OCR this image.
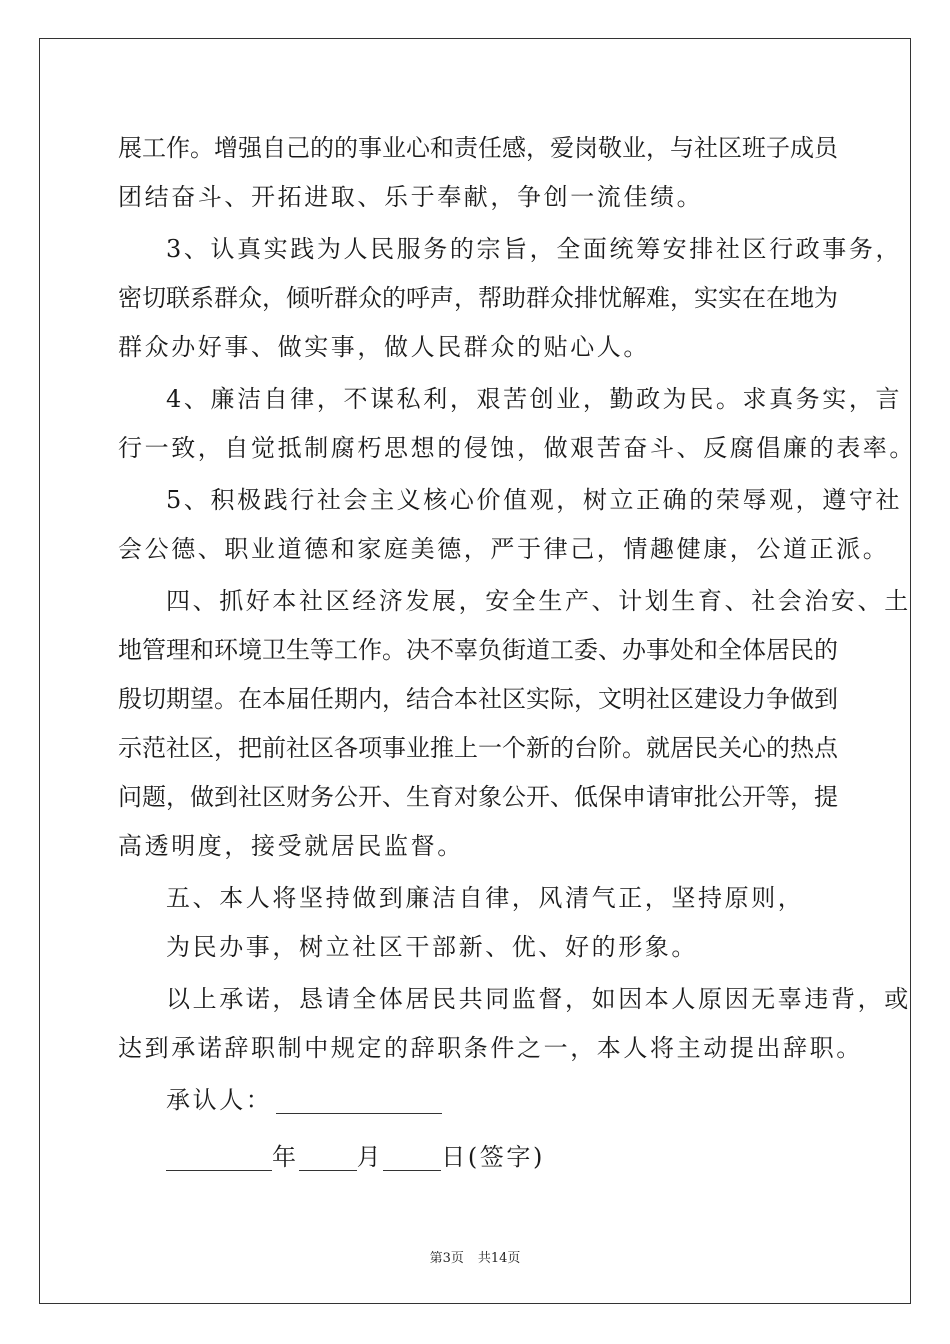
展工作。增强自己的的事业心和责任感，爱岗敬业，与社区班子成员
团结奋斗、开拓进取、乐于奉献，争创一流佳绩。
3、认真实践为人民服务的宗旨，全面统筹安排社区行政事务，
密切联系群众，倾听群众的呼声，帮助群众排忧解难，实实在在地为
群众办好事、做实事，做人民群众的贴心人。
4、廉洁自律，不谋私利，艰苦创业，勤政为民。求真务实，言
行一致，自觉抵制腐朽思想的侵蚀，做艰苦奋斗、反腐倡廉的表率。
5、积极践行社会主义核心价值观，树立正确的荣辱观，遵守社
会公德、职业道德和家庭美德，严于律己，情趣健康，公道正派。
四、抓好本社区经济发展，安全生产、计划生育、社会治安、土
地管理和环境卫生等工作。决不辜负街道工委、办事处和全体居民的
殷切期望。在本届任期内，结合本社区实际，文明社区建设力争做到
示范社区，把前社区各项事业推上一个新的台阶。就居民关心的热点
问题，做到社区财务公开、生育对象公开、低保申请审批公开等，提
高透明度，接受就居民监督。
五、本人将坚持做到廉洁自律，风清气正，坚持原则，
为民办事，树立社区干部新、优、好的形象。
以上承诺，恳请全体居民共同监督，如因本人原因无辜违背，或
达到承诺辞职制中规定的辞职条件之一，本人将主动提出辞职。
承认人：
年 月 日(签字)
第3页 共14页
